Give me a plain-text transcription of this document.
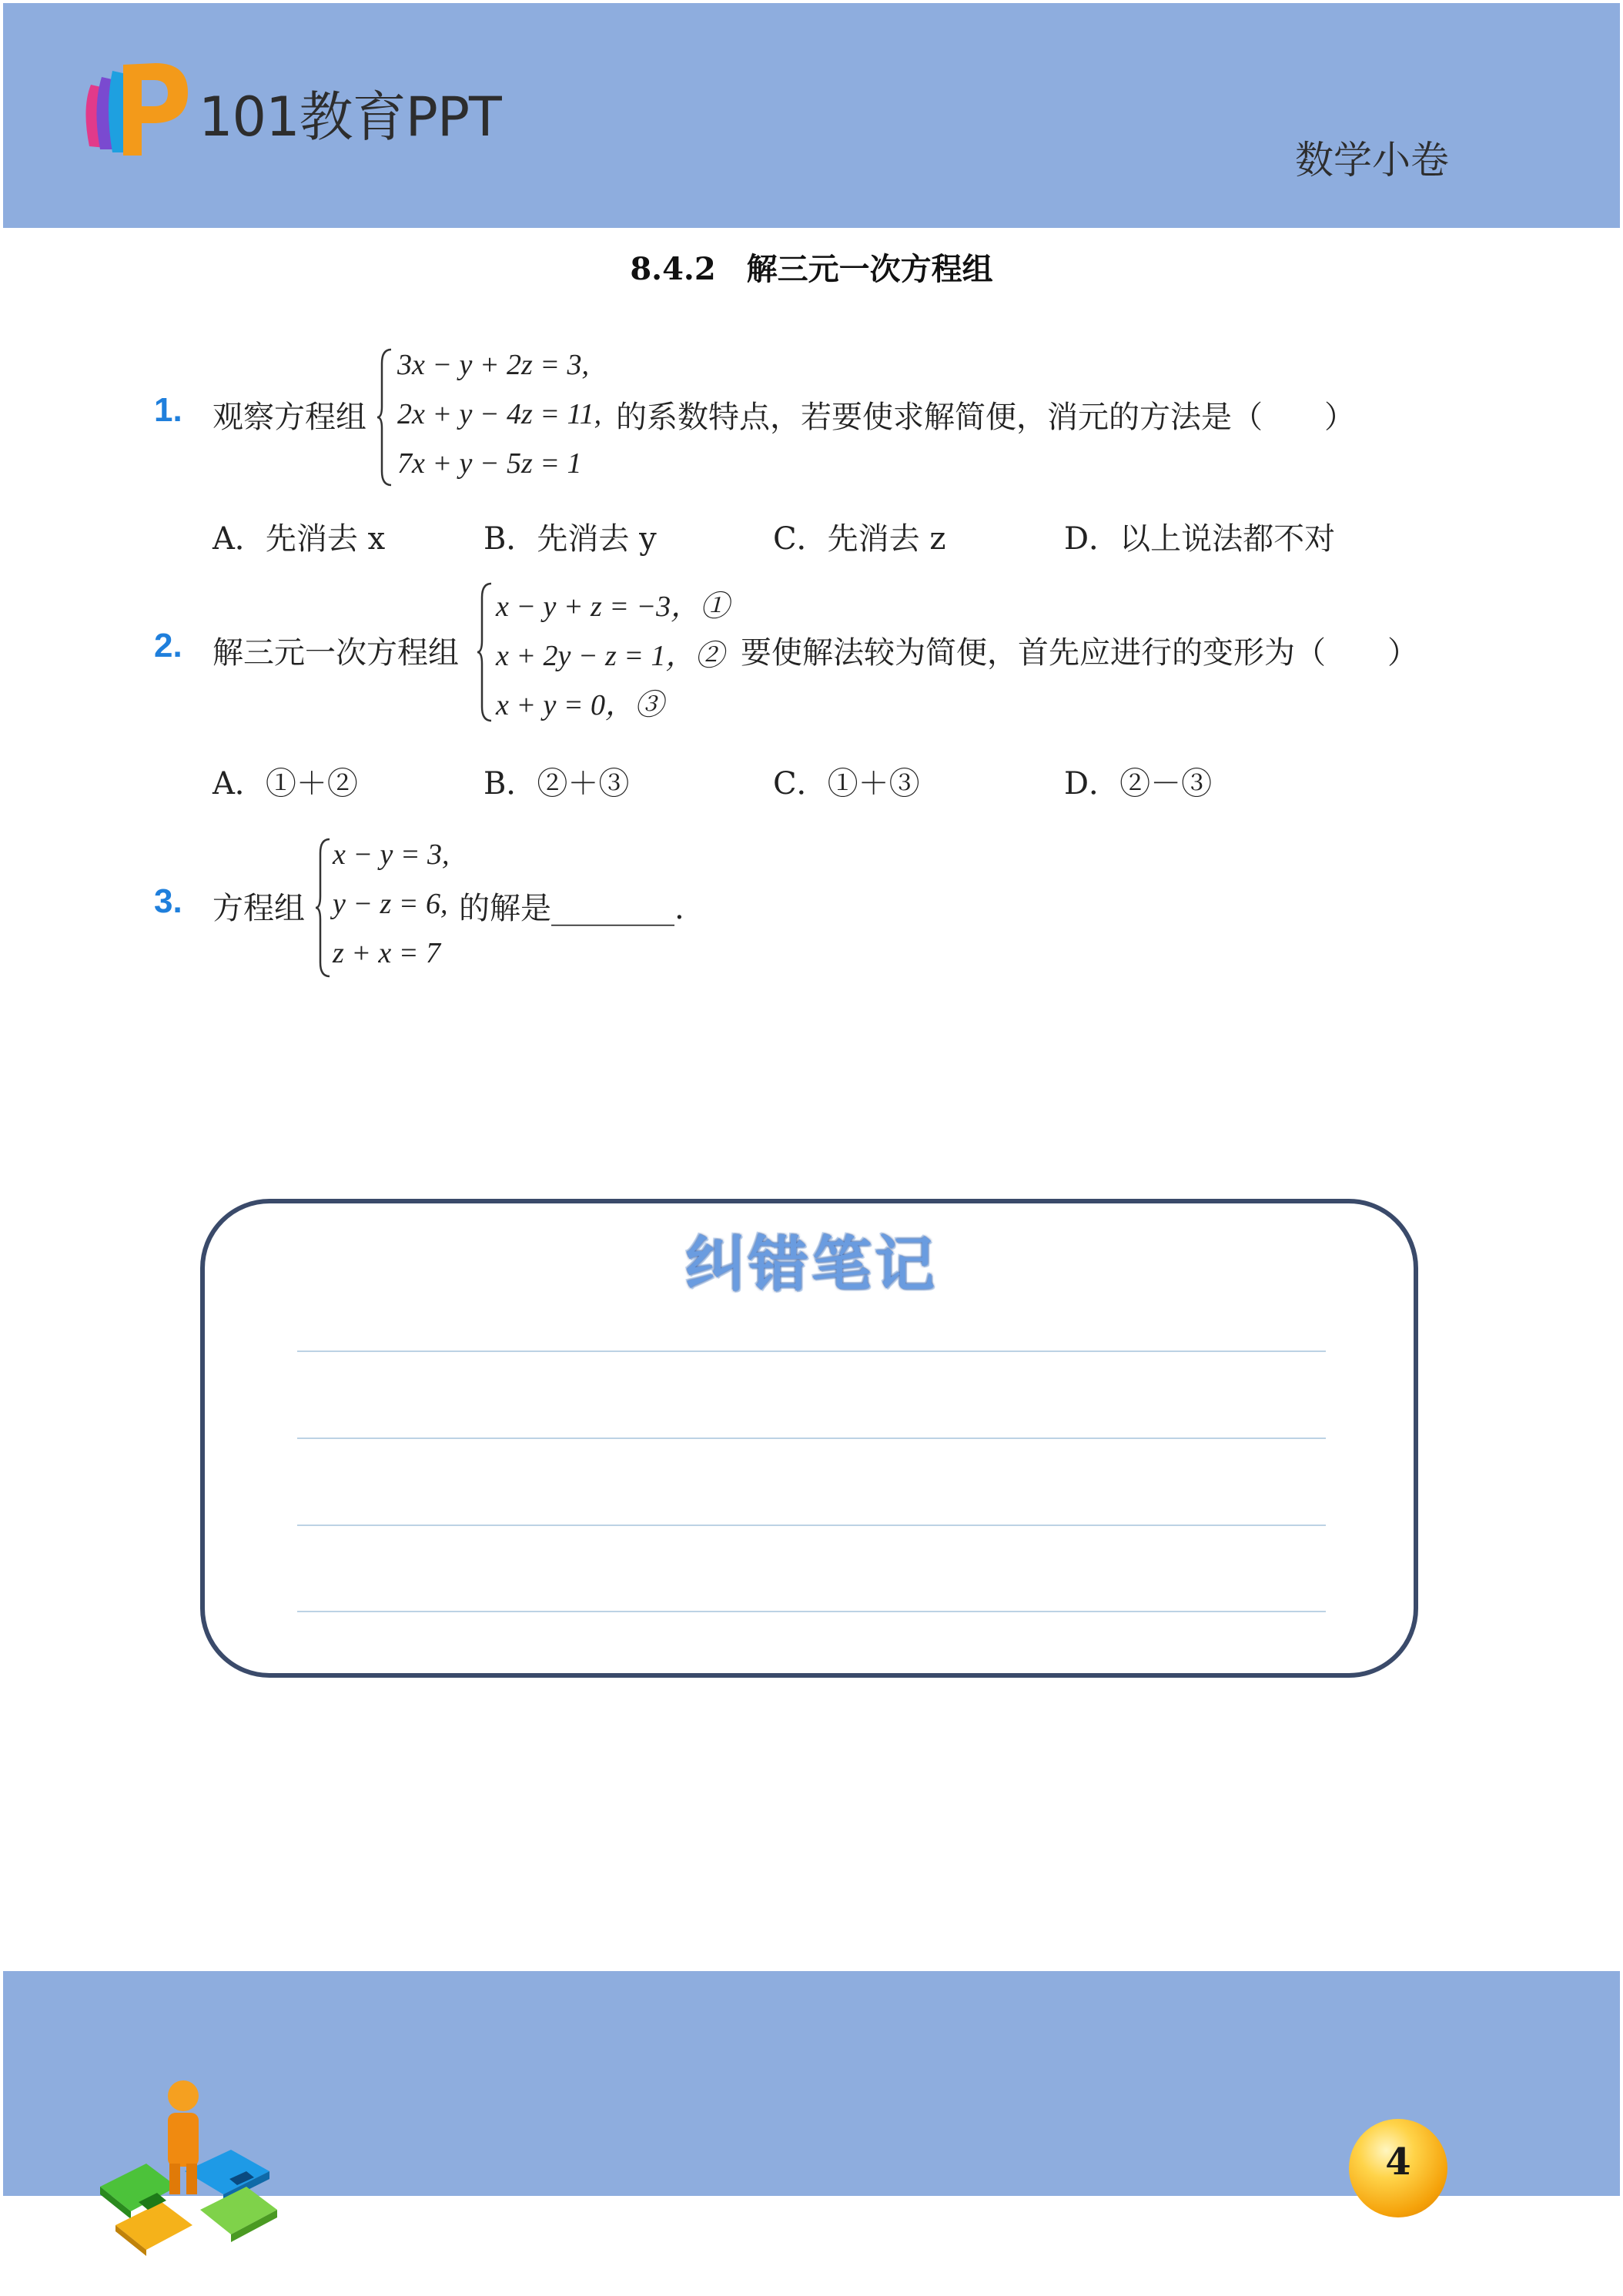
101教育PPT
数学小卷
8.4.2　解三元一次方程组
1. 观察方程组
3x − y + 2z = 3,
2x + y − 4z = 11,
7x + y − 5z = 1
的系数特点，若要使求解简便，消元的方法是（　　）
A．先消去 x	B．先消去 y	C．先消去 z	D．以上说法都不对
2. 解三元一次方程组
x − y + z = −3，①
x + 2y − z = 1，②
x + y = 0，③
要使解法较为简便，首先应进行的变形为（　　）
A．①＋②	B．②＋③	C．①＋③	D．②－③
3. 方程组
x − y = 3,
y − z = 6,
z + x = 7
的解是________.
纠错笔记
4
